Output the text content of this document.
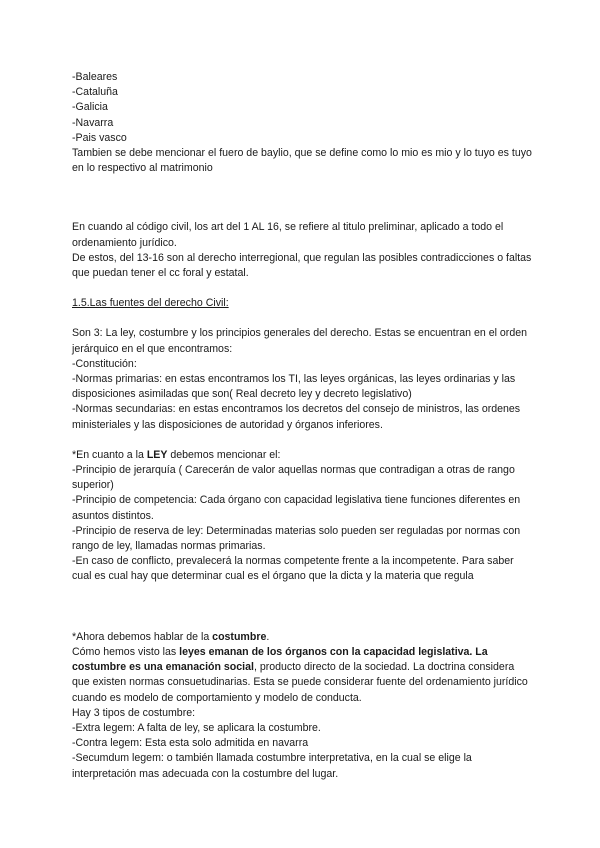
-Baleares
-Cataluña
-Galicia
-Navarra
-Pais vasco
Tambien se debe mencionar el fuero de baylio, que se define como lo mio es mio y lo tuyo es tuyo en lo respectivo al matrimonio
En cuando al código civil, los art del 1 AL 16, se refiere al titulo preliminar, aplicado a todo el ordenamiento jurídico.
De estos, del 13-16 son al derecho interregional, que regulan las posibles contradicciones o faltas que puedan tener el cc foral y estatal.
1.5.Las fuentes del derecho Civil:
Son 3: La ley, costumbre y los principios generales del derecho. Estas se encuentran en el orden jerárquico en el que encontramos:
-Constitución:
-Normas primarias: en estas encontramos los TI, las leyes orgánicas, las leyes ordinarias y las disposiciones asimiladas que son( Real decreto ley y decreto legislativo)
-Normas secundarias: en estas encontramos los decretos del consejo de ministros, las ordenes ministeriales y las disposiciones de autoridad y órganos inferiores.
*En cuanto a la LEY debemos mencionar el:
-Principio de jerarquía ( Carecerán de valor aquellas normas que contradigan a otras de rango superior)
-Principio de competencia: Cada órgano con capacidad legislativa tiene funciones diferentes en asuntos distintos.
-Principio de reserva de ley: Determinadas materias solo pueden ser reguladas por normas con rango de ley, llamadas normas primarias.
-En caso de conflicto, prevalecerá la normas competente frente a la incompetente. Para saber cual es cual hay que determinar cual es el órgano que la dicta y la materia que regula
*Ahora debemos hablar de la costumbre.
Cómo hemos visto las leyes emanan de los órganos con la capacidad legislativa. La costumbre es una emanación social, producto directo de la sociedad. La doctrina considera que existen normas consuetudinarias. Esta se puede considerar fuente del ordenamiento jurídico cuando es modelo de comportamiento y modelo de conducta.
Hay 3 tipos de costumbre:
-Extra legem: A falta de ley, se aplicara la costumbre.
-Contra legem: Esta esta solo admitida en navarra
-Secumdum legem: o también llamada costumbre interpretativa, en la cual se elige la interpretación mas adecuada con la costumbre del lugar.
